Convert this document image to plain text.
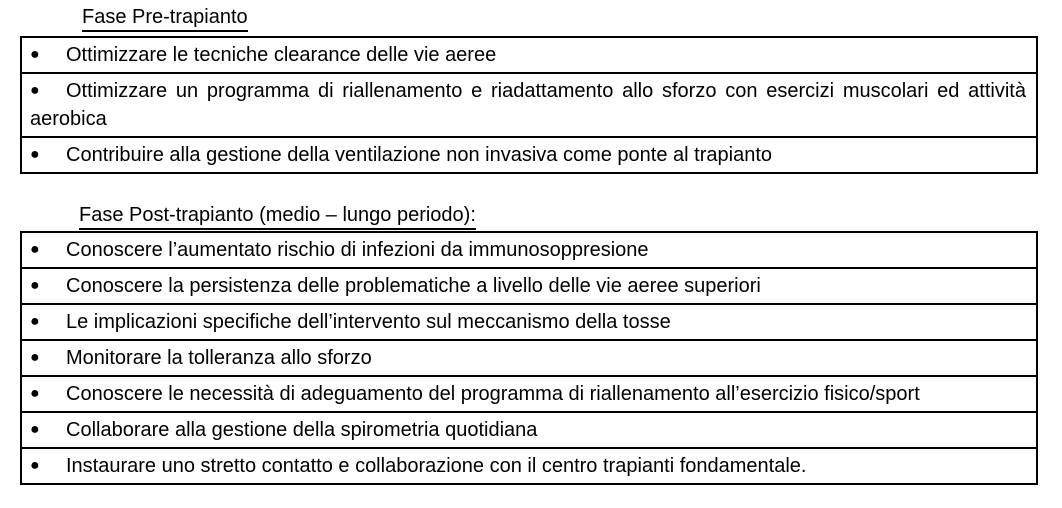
Fase Pre-trapianto
● Ottimizzare le tecniche clearance delle vie aeree
● Ottimizzare un programma di riallenamento e riadattamento allo sforzo con esercizi muscolari ed attività aerobica
● Contribuire alla gestione della ventilazione non invasiva come ponte al trapianto
Fase Post-trapianto (medio – lungo periodo):
● Conoscere l’aumentato rischio di infezioni da immunosoppresione
● Conoscere la persistenza delle problematiche a livello delle vie aeree superiori
● Le implicazioni specifiche dell’intervento sul meccanismo della tosse
● Monitorare la tolleranza allo sforzo
● Conoscere le necessità di adeguamento del programma di riallenamento all’esercizio fisico/sport
● Collaborare alla gestione della spirometria quotidiana
● Instaurare uno stretto contatto e collaborazione con il centro trapianti fondamentale.
